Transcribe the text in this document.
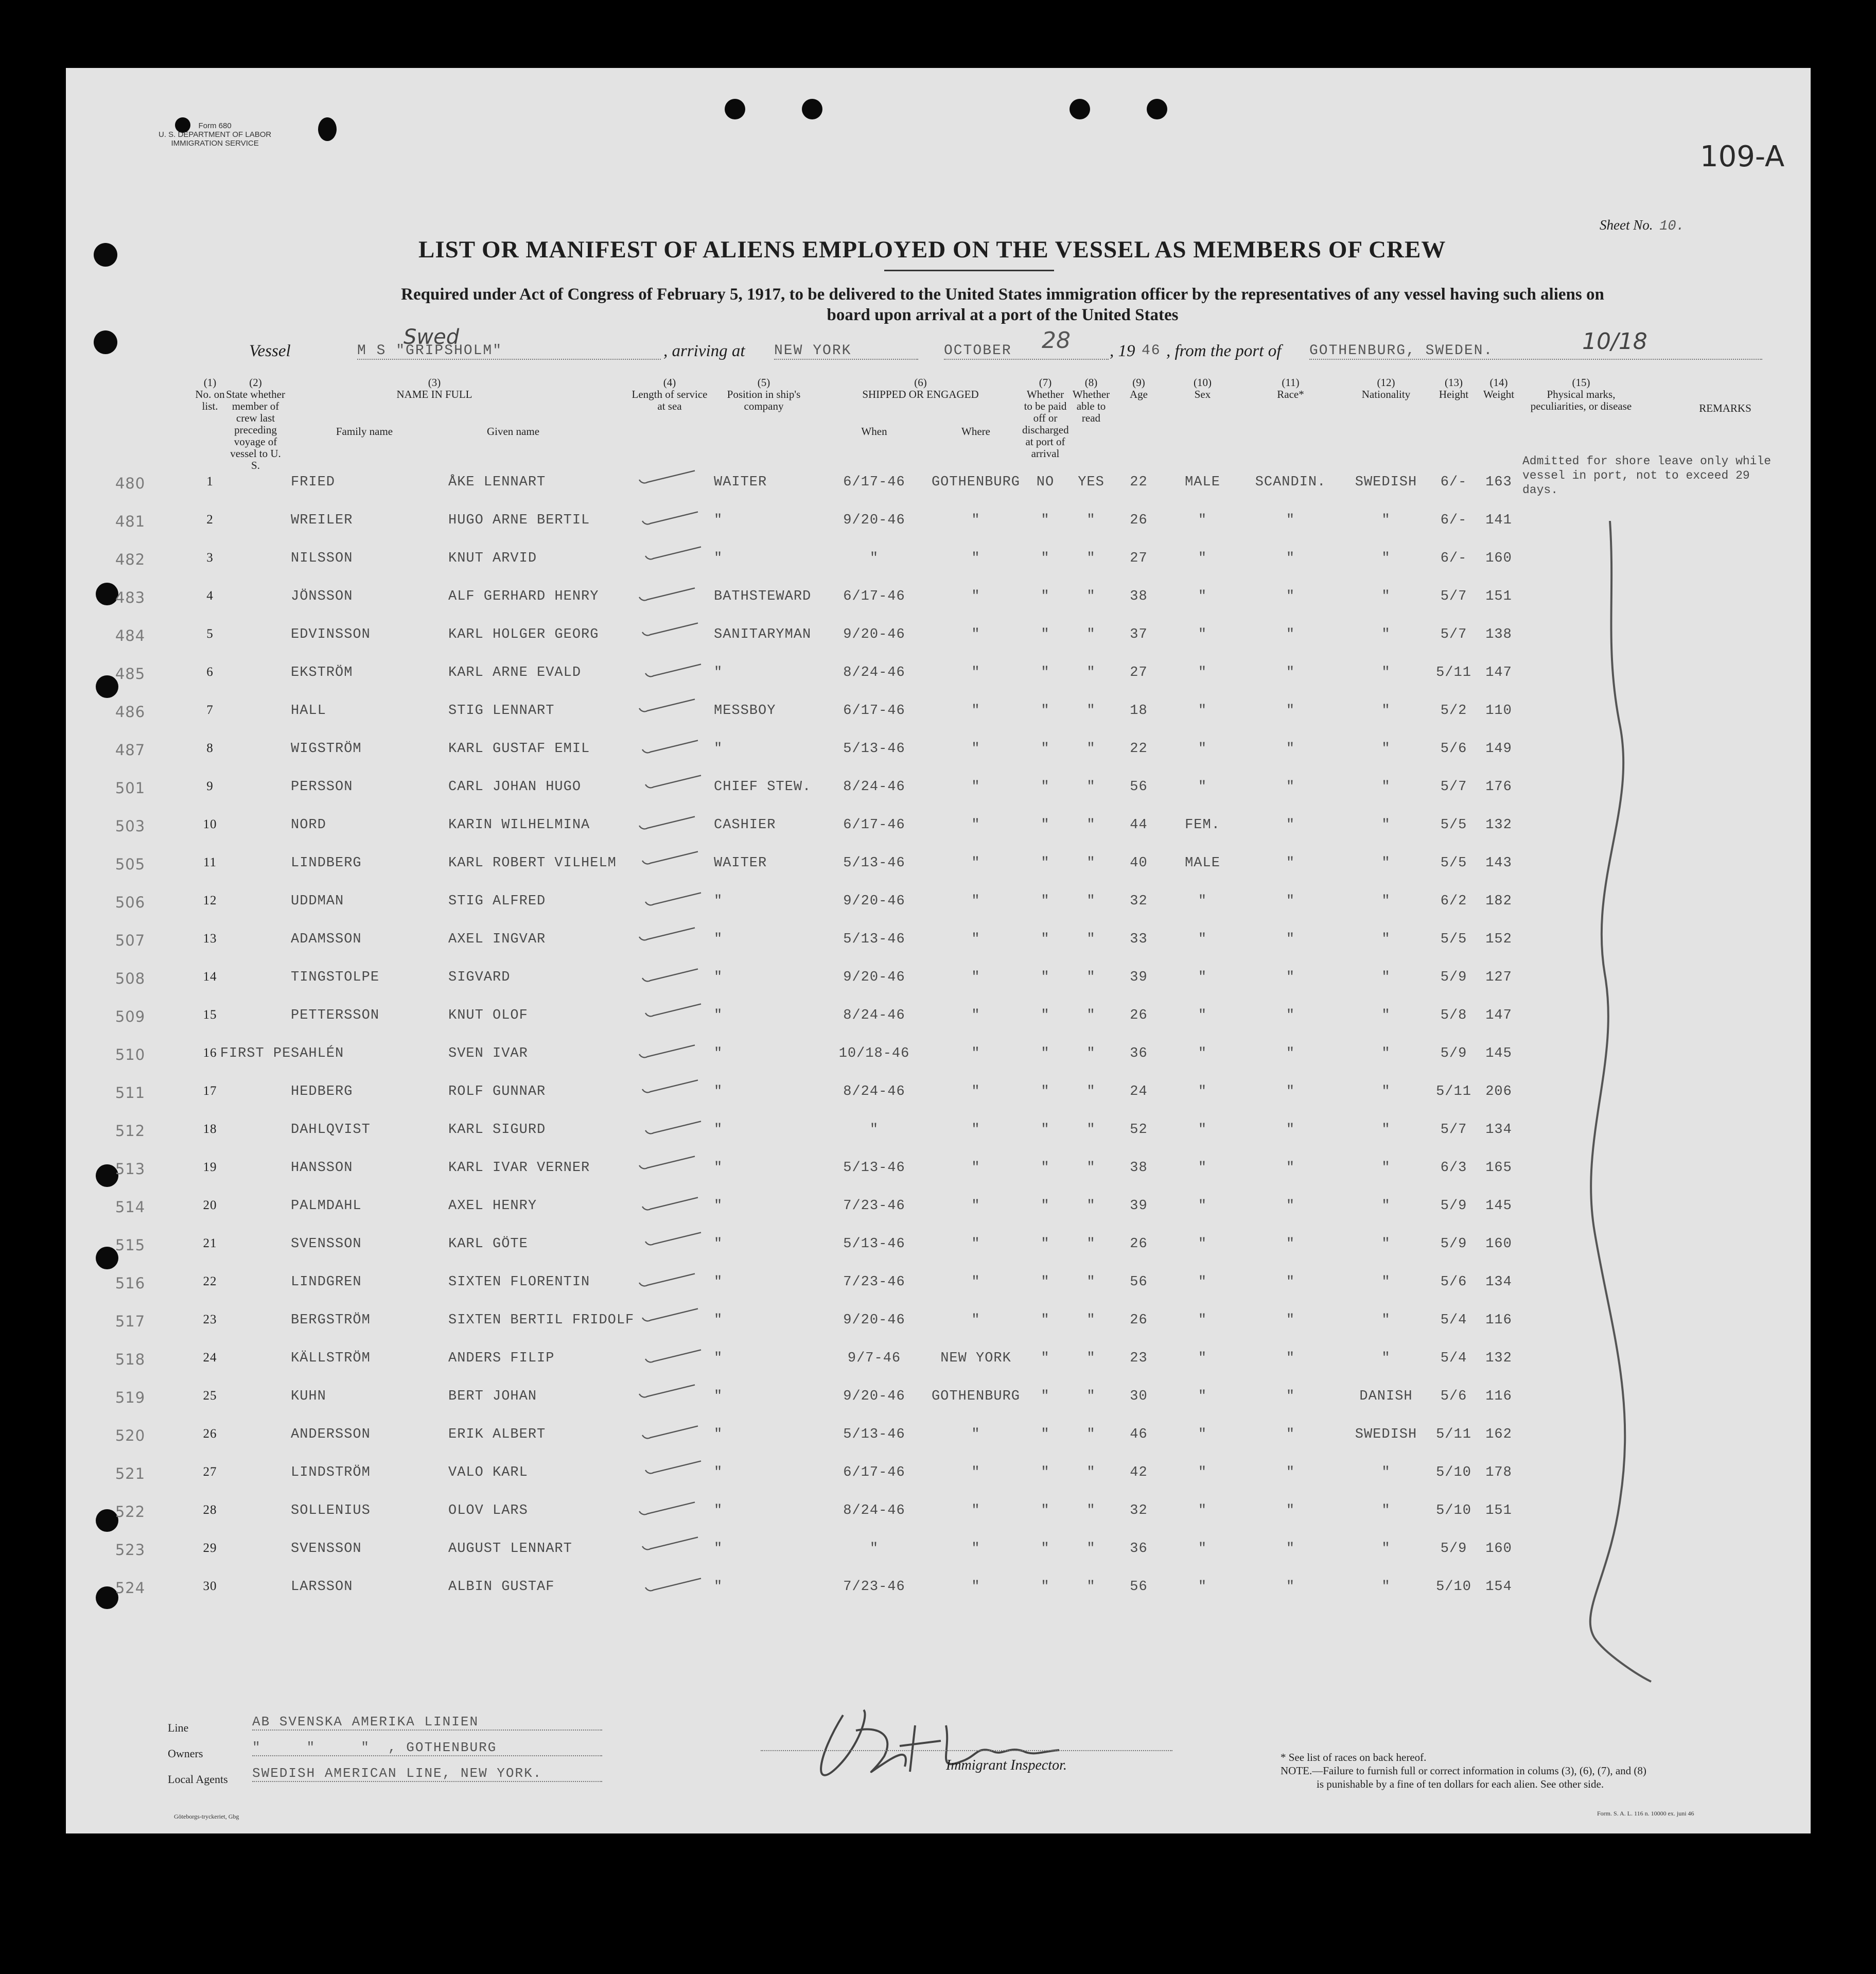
Form 680
U. S. DEPARTMENT OF LABOR
IMMIGRATION SERVICE	109-A
Sheet No. 10.
LIST OR MANIFEST OF ALIENS EMPLOYED ON THE VESSEL AS MEMBERS OF CREW
Required under Act of Congress of February 5, 1917, to be delivered to the United States immigration officer by the representatives of any vessel having such aliens on
board upon arrival at a port of the United States
Vessel
Swed
M S "GRIPSHOLM"	, arriving at NEW YORK	OCTOBER	28 , 19 46 , from the port of GOTHENBURG, SWEDEN.	10/18
(1)
No. on list.
(2)
State whether member of crew last preceding voyage of vessel to U. S.
(3)
NAME IN FULL
(4)
Length of service at sea
(5)
Position in ship's company
(6)
SHIPPED OR ENGAGED
(7)
Whether to be paid off or discharged at port of arrival
(8)
Whether able to read
(9)
Age
(10)
Sex
(11)
Race*
(12)
Nationality
(13)
Height
(14)
Weight
(15)
Physical marks, peculiarities, or disease	REMARKS
Family name	Given name	When	Where
480	1	FRIED	ÅKE LENNART	WAITER	6/17-46	GOTHENBURG	NO	YES	22	MALE	SCANDIN.	SWEDISH	6/-	163
481	2	WREILER	HUGO ARNE BERTIL	"	9/20-46	"	"	"	26	"	"	"	6/-	141
482	3	NILSSON	KNUT ARVID	"	"	"	"	"	27	"	"	"	6/-	160
483	4	JÖNSSON	ALF GERHARD HENRY	BATHSTEWARD	6/17-46	"	"	"	38	"	"	"	5/7	151
484	5	EDVINSSON	KARL HOLGER GEORG	SANITARYMAN	9/20-46	"	"	"	37	"	"	"	5/7	138
485	6	EKSTRÖM	KARL ARNE EVALD	"	8/24-46	"	"	"	27	"	"	"	5/11	147
486	7	HALL	STIG LENNART	MESSBOY	6/17-46	"	"	"	18	"	"	"	5/2	110
487	8	WIGSTRÖM	KARL GUSTAF EMIL	"	5/13-46	"	"	"	22	"	"	"	5/6	149
501	9	PERSSON	CARL JOHAN HUGO	CHIEF STEW.	8/24-46	"	"	"	56	"	"	"	5/7	176
503	10	NORD	KARIN WILHELMINA	CASHIER	6/17-46	"	"	"	44	FEM.	"	"	5/5	132
505	11	LINDBERG	KARL ROBERT VILHELM	WAITER	5/13-46	"	"	"	40	MALE	"	"	5/5	143
506	12	UDDMAN	STIG ALFRED	"	9/20-46	"	"	"	32	"	"	"	6/2	182
507	13	ADAMSSON	AXEL INGVAR	"	5/13-46	"	"	"	33	"	"	"	5/5	152
508	14	TINGSTOLPE	SIGVARD	"	9/20-46	"	"	"	39	"	"	"	5/9	127
509	15	PETTERSSON	KNUT OLOF	"	8/24-46	"	"	"	26	"	"	"	5/8	147
510	16 FIRST PE SAHLÉN	SVEN IVAR	"	10/18-46	"	"	"	36	"	"	"	5/9	145
511	17	HEDBERG	ROLF GUNNAR	"	8/24-46	"	"	"	24	"	"	"	5/11	206
512	18	DAHLQVIST	KARL SIGURD	"	"	"	"	"	52	"	"	"	5/7	134
513	19	HANSSON	KARL IVAR VERNER	"	5/13-46	"	"	"	38	"	"	"	6/3	165
514	20	PALMDAHL	AXEL HENRY	"	7/23-46	"	"	"	39	"	"	"	5/9	145
515	21	SVENSSON	KARL GÖTE	"	5/13-46	"	"	"	26	"	"	"	5/9	160
516	22	LINDGREN	SIXTEN FLORENTIN	"	7/23-46	"	"	"	56	"	"	"	5/6	134
517	23	BERGSTRÖM	SIXTEN BERTIL FRIDOLF	"	9/20-46	"	"	"	26	"	"	"	5/4	116
518	24	KÄLLSTRÖM	ANDERS FILIP	"	9/7-46	NEW YORK	"	"	23	"	"	"	5/4	132
519	25	KUHN	BERT JOHAN	"	9/20-46	GOTHENBURG	"	"	30	"	"	DANISH	5/6	116
520	26	ANDERSSON	ERIK ALBERT	"	5/13-46	"	"	"	46	"	"	SWEDISH	5/11	162
521	27	LINDSTRÖM	VALO KARL	"	6/17-46	"	"	"	42	"	"	"	5/10	178
522	28	SOLLENIUS	OLOV LARS	"	8/24-46	"	"	"	32	"	"	"	5/10	151
523	29	SVENSSON	AUGUST LENNART	"	"	"	"	"	36	"	"	"	5/9	160
524	30	LARSSON	ALBIN GUSTAF	"	7/23-46	"	"	"	56	"	"	"	5/10	154
Admitted for shore leave only while vessel in port, not to exceed 29 days.
Line	AB SVENSKA AMERIKA LINIEN
Owners	"     "     "  , GOTHENBURG
Local Agents SWEDISH AMERICAN LINE, NEW YORK.	Immigrant Inspector.	* See list of races on back hereof.
NOTE.—Failure to furnish full or correct information in colums (3), (6), (7), and (8)
is punishable by a fine of ten dollars for each alien. See other side.
Göteborgs-tryckeriet, Gbg	Form. S. A. L. 116 n. 10000 ex. juni 46
